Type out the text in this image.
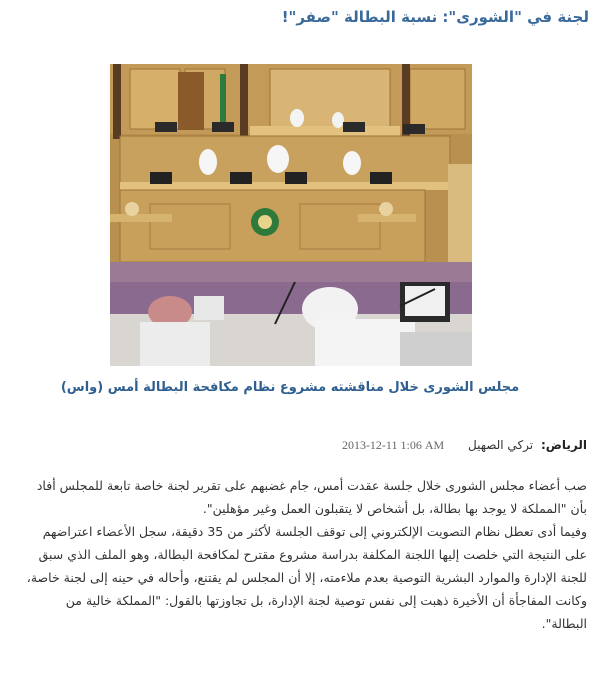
لجنة في "الشورى": نسبة البطالة "صفر"!
مجلس الشورى خلال مناقشته مشروع نظام مكافحة البطالة أمس (واس)
الرياض: تركي الصهيل 2013-12-11 1:06 AM

صب أعضاء مجلس الشورى خلال جلسة عقدت أمس، جام غضبهم على تقرير لجنة خاصة تابعة للمجلس أفاد بأن "المملكة لا يوجد بها بطالة، بل أشخاص لا يتقبلون العمل وغير مؤهلين".

وفيما أدى تعطل نظام التصويت الإلكتروني إلى توقف الجلسة لأكثر من 35 دقيقة، سجل الأعضاء اعتراضهم على النتيجة التي خلصت إليها اللجنة المكلفة بدراسة مشروع مقترح لمكافحة البطالة، وهو الملف الذي سبق للجنة الإدارة والموارد البشرية التوصية بعدم ملاءمته، إلا أن المجلس لم يقتنع، وأحاله في حينه إلى لجنة خاصة، وكانت المفاجأة أن الأخيرة ذهبت إلى نفس توصية لجنة الإدارة، بل تجاوزتها بالقول: "المملكة خالية من البطالة".
